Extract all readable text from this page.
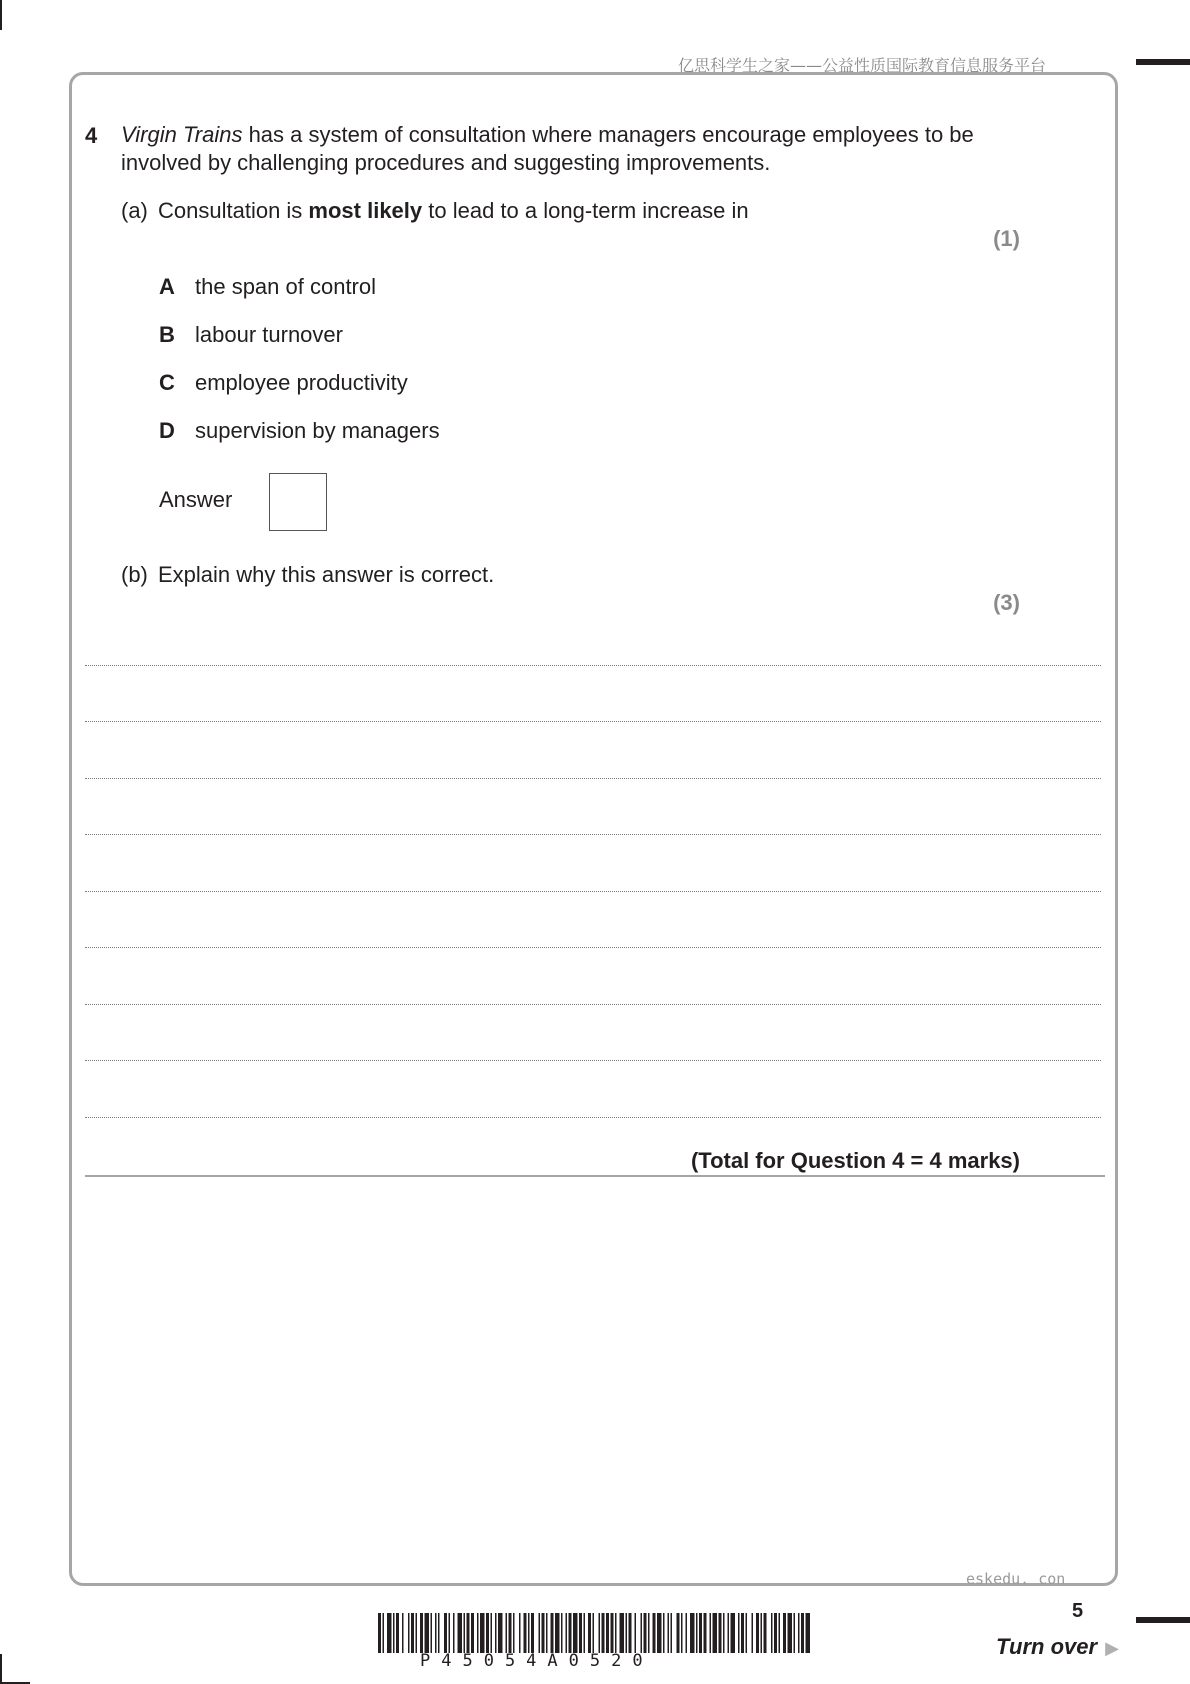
亿思科学生之家——公益性质国际教育信息服务平台
4 Virgin Trains has a system of consultation where managers encourage employees to be involved by challenging procedures and suggesting improvements.
(a) Consultation is most likely to lead to a long-term increase in
(1)
A the span of control
B labour turnover
C employee productivity
D supervision by managers
Answer
(b) Explain why this answer is correct.
(3)
(Total for Question 4 = 4 marks)
eskedu. con
P45054A0520
5
Turn over ▶
